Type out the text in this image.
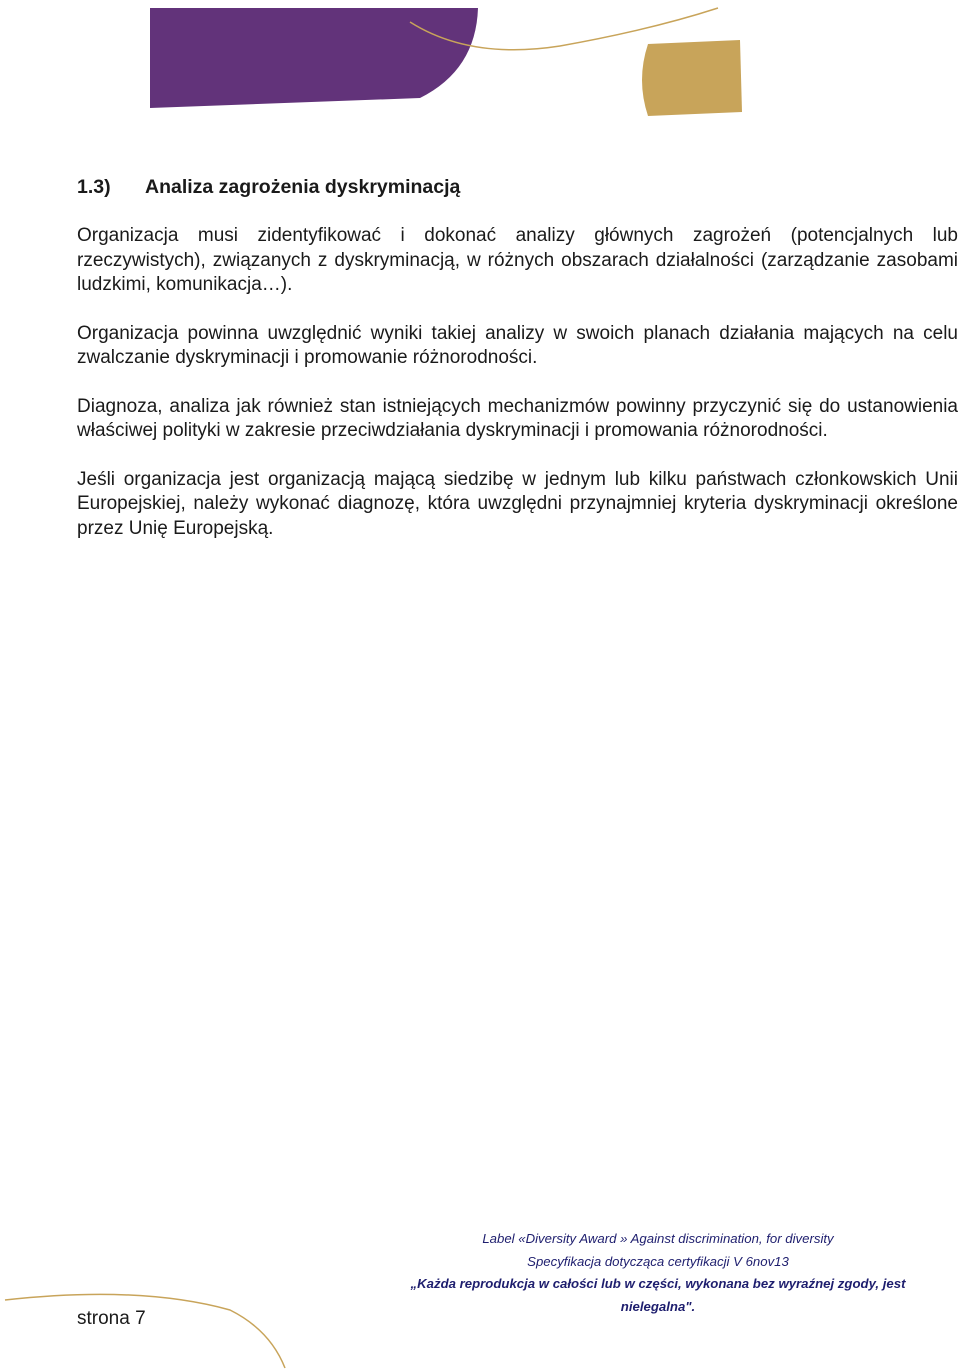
1.3) Analiza zagrożenia dyskryminacją

Organizacja musi zidentyfikować i dokonać analizy głównych zagrożeń (potencjalnych lub rzeczywistych), związanych z dyskryminacją, w różnych obszarach działalności (zarządzanie zasobami ludzkimi, komunikacja…).

Organizacja powinna uwzględnić wyniki takiej analizy w swoich planach działania mających na celu zwalczanie dyskryminacji i promowanie różnorodności.

Diagnoza, analiza jak również stan istniejących mechanizmów powinny przyczynić się do ustanowienia właściwej polityki w zakresie przeciwdziałania dyskryminacji i promowania różnorodności.

Jeśli organizacja jest organizacją mającą siedzibę w jednym lub kilku państwach członkowskich Unii Europejskiej, należy wykonać diagnozę, która uwzględni przynajmniej kryteria dyskryminacji określone przez Unię Europejską.

strona 7
Label «Diversity Award » Against discrimination, for diversity
Specyfikacja dotycząca certyfikacji V 6nov13
„Każda reprodukcja w całości lub w części, wykonana bez wyraźnej zgody, jest
nielegalna".
